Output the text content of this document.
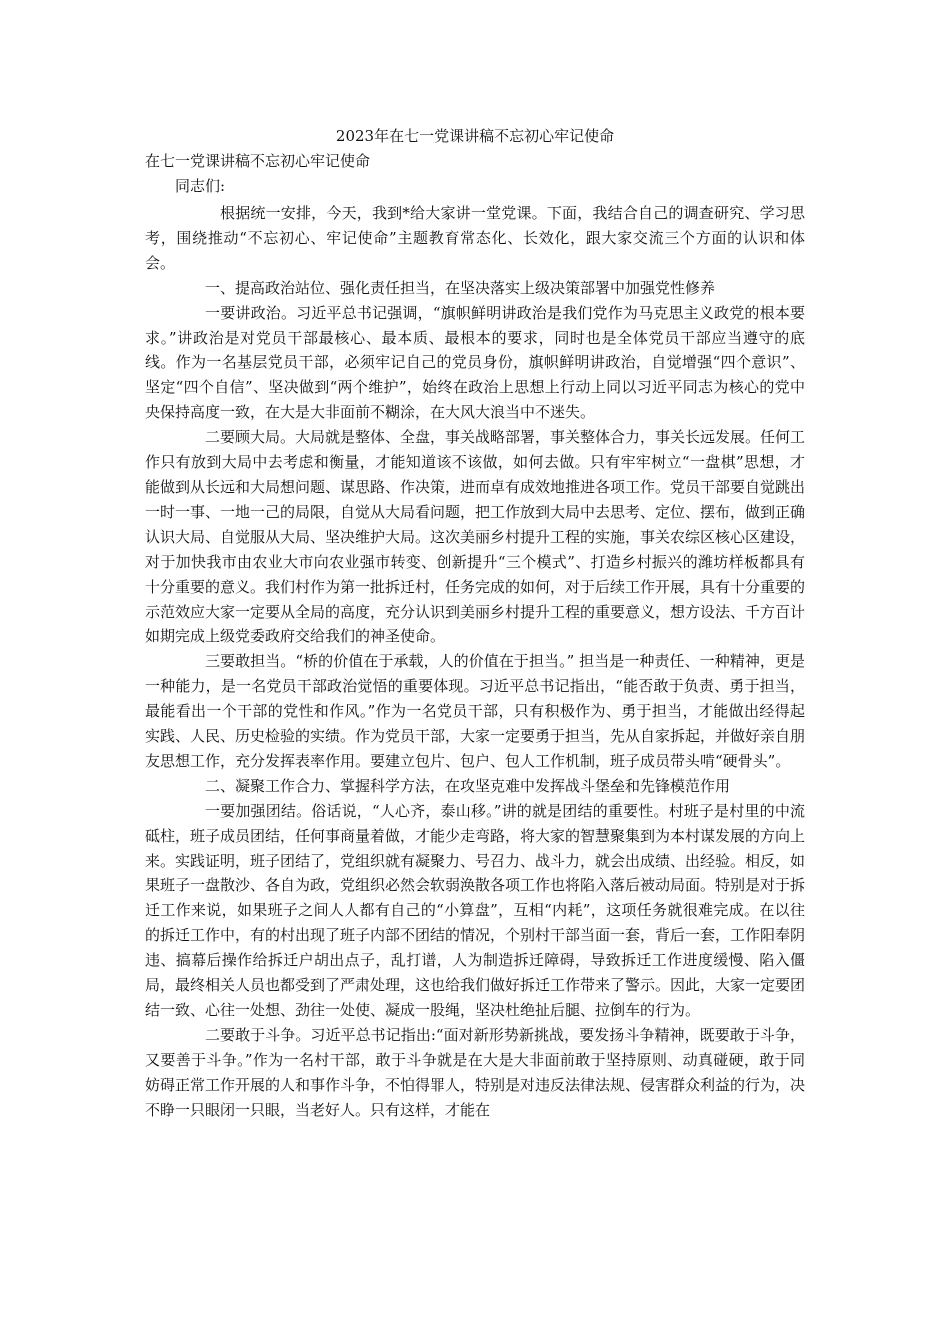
2023年在七一党课讲稿不忘初心牢记使命
在七一党课讲稿不忘初心牢记使命
同志们:

根据统一安排，今天，我到*给大家讲一堂党课。下面，我结合自己的调查研究、学习思考，围绕推动“不忘初心、牢记使命”主题教育常态化、长效化，跟大家交流三个方面的认识和体会。

一、提高政治站位、强化责任担当，在坚决落实上级决策部署中加强党性修养

一要讲政治。习近平总书记强调，“旗帜鲜明讲政治是我们党作为马克思主义政党的根本要求。”讲政治是对党员干部最核心、最本质、最根本的要求，同时也是全体党员干部应当遵守的底线。作为一名基层党员干部，必须牢记自己的党员身份，旗帜鲜明讲政治，自觉增强“四个意识”、坚定“四个自信”、坚决做到“两个维护”，始终在政治上思想上行动上同以习近平同志为核心的党中央保持高度一致，在大是大非面前不糊涂，在大风大浪当中不迷失。

二要顾大局。大局就是整体、全盘，事关战略部署，事关整体合力，事关长远发展。任何工作只有放到大局中去考虑和衡量，才能知道该不该做，如何去做。只有牢牢树立“一盘棋”思想，才能做到从长远和大局想问题、谋思路、作决策，进而卓有成效地推进各项工作。党员干部要自觉跳出一时一事、一地一己的局限，自觉从大局看问题，把工作放到大局中去思考、定位、摆布，做到正确认识大局、自觉服从大局、坚决维护大局。这次美丽乡村提升工程的实施，事关农综区核心区建设，对于加快我市由农业大市向农业强市转变、创新提升“三个模式”、打造乡村振兴的潍坊样板都具有十分重要的意义。我们村作为第一批拆迁村，任务完成的如何，对于后续工作开展，具有十分重要的示范效应大家一定要从全局的高度，充分认识到美丽乡村提升工程的重要意义，想方设法、千方百计如期完成上级党委政府交给我们的神圣使命。

三要敢担当。“桥的价值在于承载，人的价值在于担当。” 担当是一种责任、一种精神，更是一种能力，是一名党员干部政治觉悟的重要体现。习近平总书记指出，“能否敢于负责、勇于担当，最能看出一个干部的党性和作风。”作为一名党员干部，只有积极作为、勇于担当，才能做出经得起实践、人民、历史检验的实绩。作为党员干部，大家一定要勇于担当，先从自家拆起，并做好亲自朋友思想工作，充分发挥表率作用。要建立包片、包户、包人工作机制，班子成员带头啃“硬骨头”。

二、凝聚工作合力、掌握科学方法，在攻坚克难中发挥战斗堡垒和先锋模范作用

一要加强团结。俗话说，“人心齐，泰山移。”讲的就是团结的重要性。村班子是村里的中流砥柱，班子成员团结，任何事商量着做，才能少走弯路，将大家的智慧聚集到为本村谋发展的方向上来。实践证明，班子团结了，党组织就有凝聚力、号召力、战斗力，就会出成绩、出经验。相反，如果班子一盘散沙、各自为政，党组织必然会软弱涣散各项工作也将陷入落后被动局面。特别是对于拆迁工作来说，如果班子之间人人都有自己的“小算盘”，互相“内耗”，这项任务就很难完成。在以往的拆迁工作中，有的村出现了班子内部不团结的情况，个别村干部当面一套，背后一套，工作阳奉阴违、搞幕后操作给拆迁户胡出点子，乱打谱，人为制造拆迁障碍，导致拆迁工作进度缓慢、陷入僵局，最终相关人员也都受到了严肃处理，这也给我们做好拆迁工作带来了警示。因此，大家一定要团结一致、心往一处想、劲往一处使、凝成一股绳，坚决杜绝扯后腿、拉倒车的行为。

二要敢于斗争。习近平总书记指出:“面对新形势新挑战，要发扬斗争精神，既要敢于斗争，又要善于斗争。”作为一名村干部，敢于斗争就是在大是大非面前敢于坚持原则、动真碰硬，敢于同妨碍正常工作开展的人和事作斗争，不怕得罪人，特别是对违反法律法规、侵害群众利益的行为，决不睁一只眼闭一只眼，当老好人。只有这样，才能在
